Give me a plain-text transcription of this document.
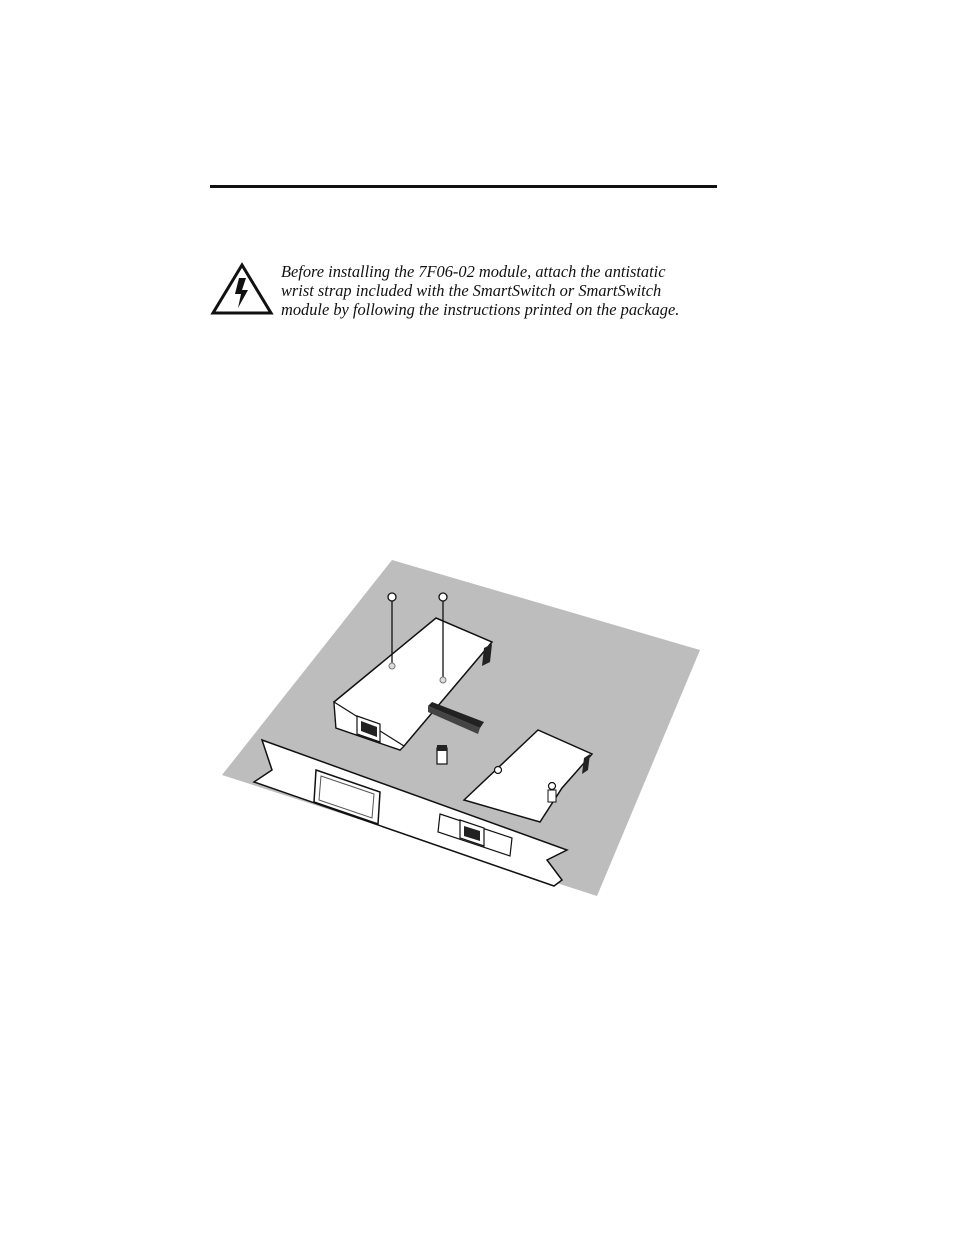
Before installing the 7F06-02 module, attach the antistatic
wrist strap included with the SmartSwitch or SmartSwitch
module by following the instructions printed on the package.
